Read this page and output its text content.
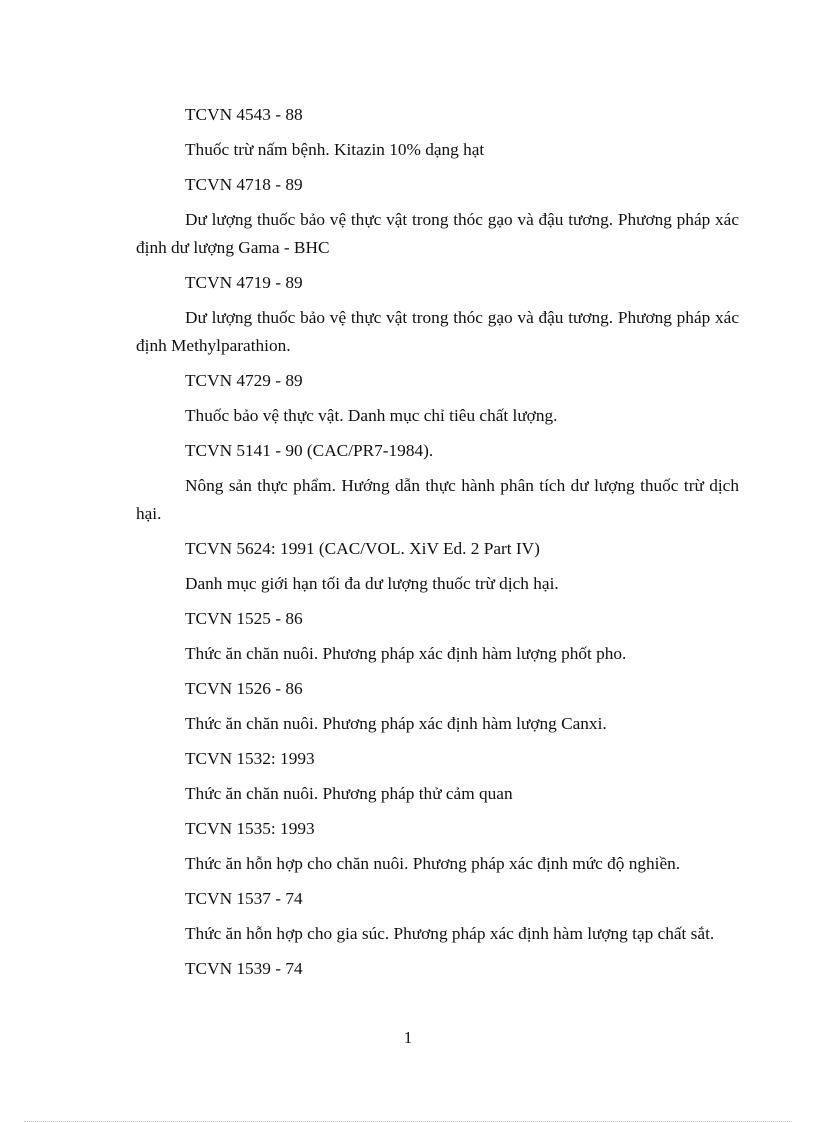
TCVN 4543 - 88

Thuốc trừ nấm bệnh. Kitazin 10% dạng hạt

TCVN 4718 - 89

Dư lượng thuốc bảo vệ thực vật trong thóc gạo và đậu tương. Phương pháp xác định dư lượng Gama - BHC

TCVN 4719 - 89

Dư lượng thuốc bảo vệ thực vật trong thóc gạo và đậu tương. Phương pháp xác định Methylparathion.

TCVN 4729 - 89

Thuốc bảo vệ thực vật. Danh mục chỉ tiêu chất lượng.

TCVN 5141 - 90 (CAC/PR7-1984).

Nông sản thực phẩm. Hướng dẫn thực hành phân tích dư lượng thuốc trừ dịch hại.

TCVN 5624: 1991 (CAC/VOL. XiV Ed. 2 Part IV)

Danh mục giới hạn tối đa dư lượng thuốc trừ dịch hại.

TCVN 1525 - 86

Thức ăn chăn nuôi. Phương pháp xác định hàm lượng phốt pho.

TCVN 1526 - 86

Thức ăn chăn nuôi. Phương pháp xác định hàm lượng Canxi.

TCVN 1532: 1993

Thức ăn chăn nuôi. Phương pháp thử cảm quan

TCVN 1535: 1993

Thức ăn hỗn hợp cho chăn nuôi. Phương pháp xác định mức độ nghiền.

TCVN 1537 - 74

Thức ăn hỗn hợp cho gia súc. Phương pháp xác định hàm lượng tạp chất sắt.

TCVN 1539 - 74

1
